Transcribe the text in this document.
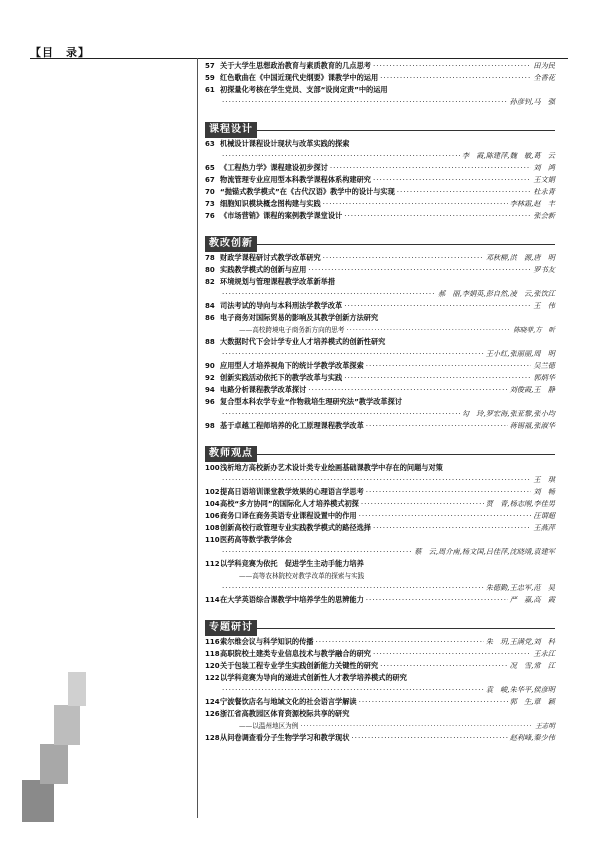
【目　录】
57 关于大学生思想政治教育与素质教育的几点思考 ·····	田为民
59 红色歌曲在《中国近现代史纲要》课教学中的运用 ·····	全香花
61 初探量化考核在学生党员、支部“设岗定责”中的运用
·····
孙彦钊,马　强
课程设计
63 机械设计课程设计现状与改革实践的探索
·····
李　霞,陈建萍,魏　敏,葛　云
65 《工程热力学》课程建设初步探讨 ·····	刘　鸿
67 物流管理专业应用型本科教学课程体系构建研究 ·····	王文娟
70 “抛锚式教学模式”在《古代汉语》教学中的设计与实现 ·····	杜永青
73 细胞知识模块概念图构建与实践 ·····	李林霜,赵　丰
76 《市场营销》课程的案例教学课堂设计 ·····	张会新
教改创新
78 财政学课程研讨式教学改革研究 ·····	邓秋柳,洪　源,唐　明
80 实践教学模式的创新与应用 ·····	罗书友
82 环境规划与管理课程教学改革新举措
·····
郝　丽,李娟英,彭自然,凌　云,张饮江
84 司法考试的导向与本科刑法学教学改革 ·····	王　伟
86 电子商务对国际贸易的影响及其教学创新方法研究
——高校跨境电子商务新方向的思考 ·····	陈晓菲,方　昕
88 大数据时代下会计学专业人才培养模式的创新性研究
·····
王小红,张丽丽,周　明
90 应用型人才培养视角下的统计学教学改革探索 ·····	吴兰德
92 创新实践活动依托下的教学改革与实践 ·····	郭炳华
94 电路分析课程教学改革探讨 ·····	刘俊霞,王　静
96 复合型本科农学专业“作物栽培生理研究法”教学改革探讨
·····
勾　玲,罗宏海,张亚黎,张小均
98 基于卓越工程师培养的化工原理课程教学改革 ·····	蒋锡福,张淑华
教师观点
100 浅析地方高校新办艺术设计类专业绘画基础课教学中存在的问题与对策
·····
王　琪
102 提高日语培训课堂教学效果的心理语言学思考 ·····	刘　畅
104 高校“多方协同”的国际化人才培养模式初探 ·····	贾　青,杨志刚,李佳男
106 商务口译在商务英语专业课程设置中的作用 ·····	汪谓超
108 创新高校行政管理专业实践教学模式的路径选择 ·····	王燕萍
110 医药高等数学教学体会
·····
蔡　云,周介南,杨文国,吕佳萍,沈晓靖,袁建军
112 以学科竞赛为依托　促进学生主动手能力培养
——高等农林院校对教学改革的探索与实践
·····
朱德勤,王忠军,范　昊
114 在大学英语综合课教学中培养学生的思辨能力 ·····	严　嘉,高　霞
专题研讨
116 索尔维会议与科学知识的传播 ·····	朱　玥,王满党,刘　科
118 高职院校土建类专业信息技术与教学融合的研究 ·····	王永江
120 关于包装工程专业学生实践创新能力关键性的研究 ·····	况　雪,常　江
122 以学科竞赛为导向的递进式创新性人才教学培养模式的研究
·····
袁　峻,朱华平,侯彦明
124 宁波餐饮店名与地域文化的社会语言学解读 ·····	郭　生,章　颖
126 浙江省高教园区体育资源校际共享的研究
——以温州地区为例 ·····	王志明
128 从问卷调查看分子生物学学习和教学现状 ·····	赵利峰,秦少伟
